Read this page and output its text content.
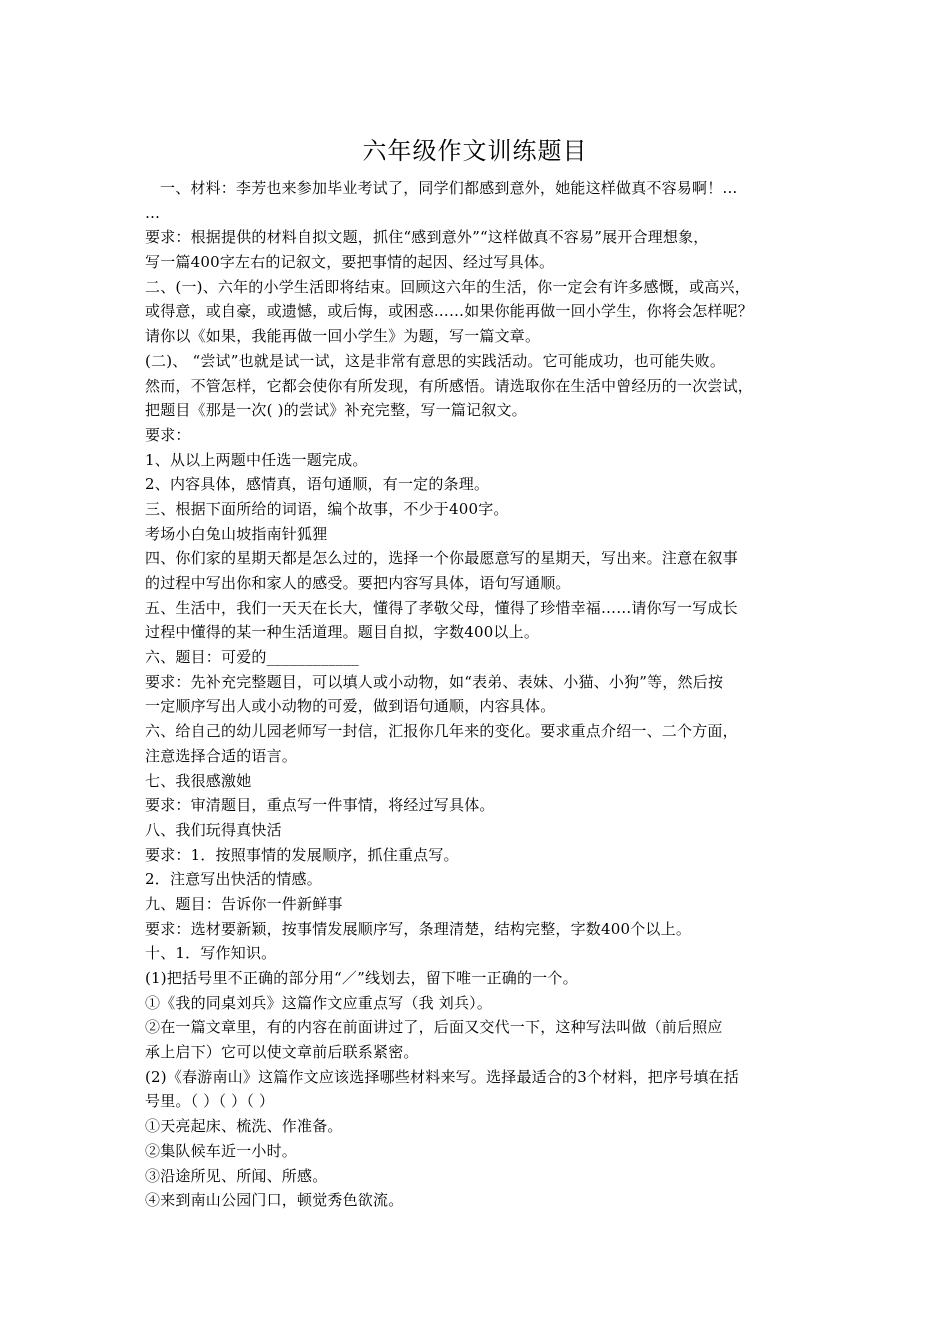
六年级作文训练题目
一、材料：李芳也来参加毕业考试了，同学们都感到意外，她能这样做真不容易啊！…
…
要求：根据提供的材料自拟文题，抓住“感到意外”“这样做真不容易”展开合理想象，
写一篇400字左右的记叙文，要把事情的起因、经过写具体。
二、(一)、六年的小学生活即将结束。回顾这六年的生活，你一定会有许多感慨，或高兴，
或得意，或自豪，或遗憾，或后悔，或困惑……如果你能再做一回小学生，你将会怎样呢？
请你以《如果，我能再做一回小学生》为题，写一篇文章。
(二)、 “尝试”也就是试一试，这是非常有意思的实践活动。它可能成功，也可能失败。
然而，不管怎样，它都会使你有所发现，有所感悟。请选取你在生活中曾经历的一次尝试，
把题目《那是一次( )的尝试》补充完整，写一篇记叙文。
要求：
1、从以上两题中任选一题完成。
2、内容具体，感情真，语句通顺，有一定的条理。
三、根据下面所给的词语，编个故事，不少于400字。
考场小白兔山坡指南针狐狸
四、你们家的星期天都是怎么过的，选择一个你最愿意写的星期天，写出来。注意在叙事
的过程中写出你和家人的感受。要把内容写具体，语句写通顺。
五、生活中，我们一天天在长大，懂得了孝敬父母，懂得了珍惜幸福……请你写一写成长
过程中懂得的某一种生活道理。题目自拟，字数400以上。
六、题目：可爱的____________
要求：先补充完整题目，可以填人或小动物，如“表弟、表妹、小猫、小狗”等，然后按
一定顺序写出人或小动物的可爱，做到语句通顺，内容具体。
六、给自己的幼儿园老师写一封信，汇报你几年来的变化。要求重点介绍一、二个方面，
注意选择合适的语言。
七、我很感激她
要求：审清题目，重点写一件事情，将经过写具体。
八、我们玩得真快活
要求：1．按照事情的发展顺序，抓住重点写。
2．注意写出快活的情感。
九、题目：告诉你一件新鲜事
要求：选材要新颖，按事情发展顺序写，条理清楚，结构完整，字数400个以上。
十、1．写作知识。
(1)把括号里不正确的部分用“／”线划去，留下唯一正确的一个。
①《我的同桌刘兵》这篇作文应重点写（我 刘兵）。
②在一篇文章里，有的内容在前面讲过了，后面又交代一下，这种写法叫做（前后照应
承上启下）它可以使文章前后联系紧密。
(2)《春游南山》这篇作文应该选择哪些材料来写。选择最适合的3个材料，把序号填在括
号里。（ ）（ ）（ ）
①天亮起床、梳洗、作准备。
②集队候车近一小时。
③沿途所见、所闻、所感。
④来到南山公园门口，顿觉秀色欲流。
